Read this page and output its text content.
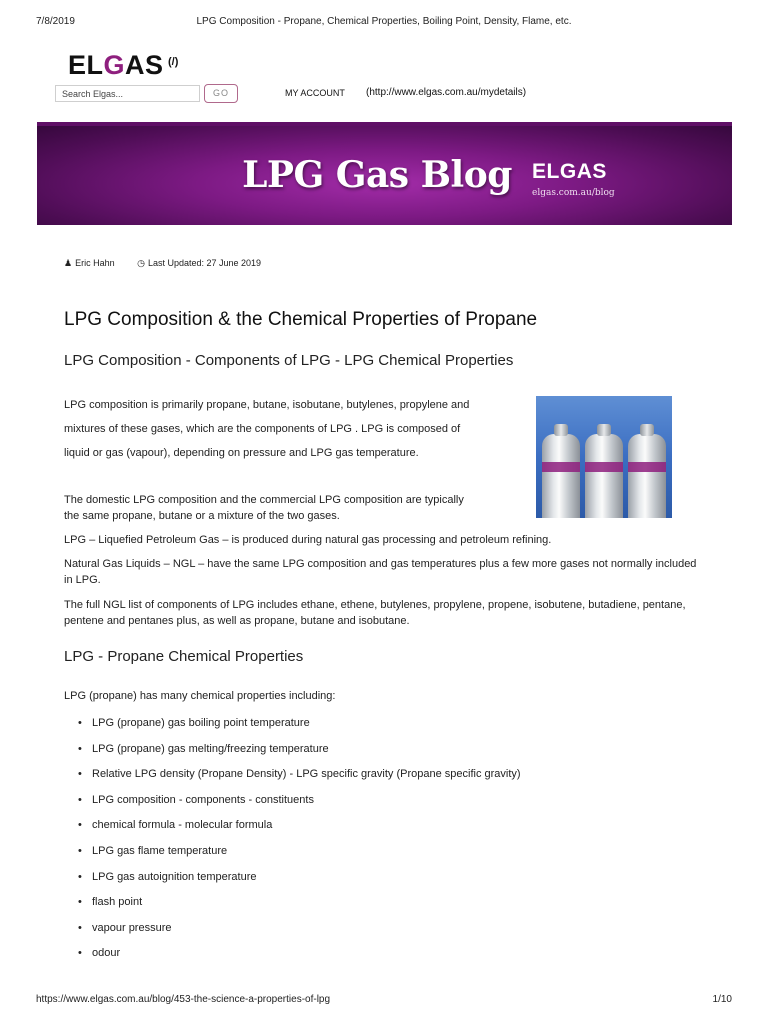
7/8/2019	LPG Composition - Propane, Chemical Properties, Boiling Point, Density, Flame, etc.
ELGAS (/)
Search Elgas...	GO	MY ACCOUNT (http://www.elgas.com.au/mydetails)
LPG Gas Blog ELGAS
elgas.com.au/blog
♟ Eric Hahn	◷ Last Updated: 27 June 2019
LPG Composition & the Chemical Properties of Propane
LPG Composition - Components of LPG - LPG Chemical Properties

LPG composition is primarily propane, butane, isobutane, butylenes, propylene and mixtures of these gases, which are the components of LPG . LPG is composed of liquid or gas (vapour), depending on pressure and LPG gas temperature.

The domestic LPG composition and the commercial LPG composition are typically the same propane, butane or a mixture of the two gases.

LPG – Liquefied Petroleum Gas – is produced during natural gas processing and petroleum refining.

Natural Gas Liquids – NGL – have the same LPG composition and gas temperatures plus a few more gases not normally included in LPG.

The full NGL list of components of LPG includes ethane, ethene, butylenes, propylene, propene, isobutene, butadiene, pentane, pentene and pentanes plus, as well as propane, butane and isobutane.

LPG - Propane Chemical Properties

LPG (propane) has many chemical properties including:

• LPG (propane) gas boiling point temperature
• LPG (propane) gas melting/freezing temperature
• Relative LPG density (Propane Density) - LPG specific gravity (Propane specific gravity)
• LPG composition - components - constituents
• chemical formula - molecular formula
• LPG gas flame temperature
• LPG gas autoignition temperature
• flash point
• vapour pressure
• odour
https://www.elgas.com.au/blog/453-the-science-a-properties-of-lpg	1/10
